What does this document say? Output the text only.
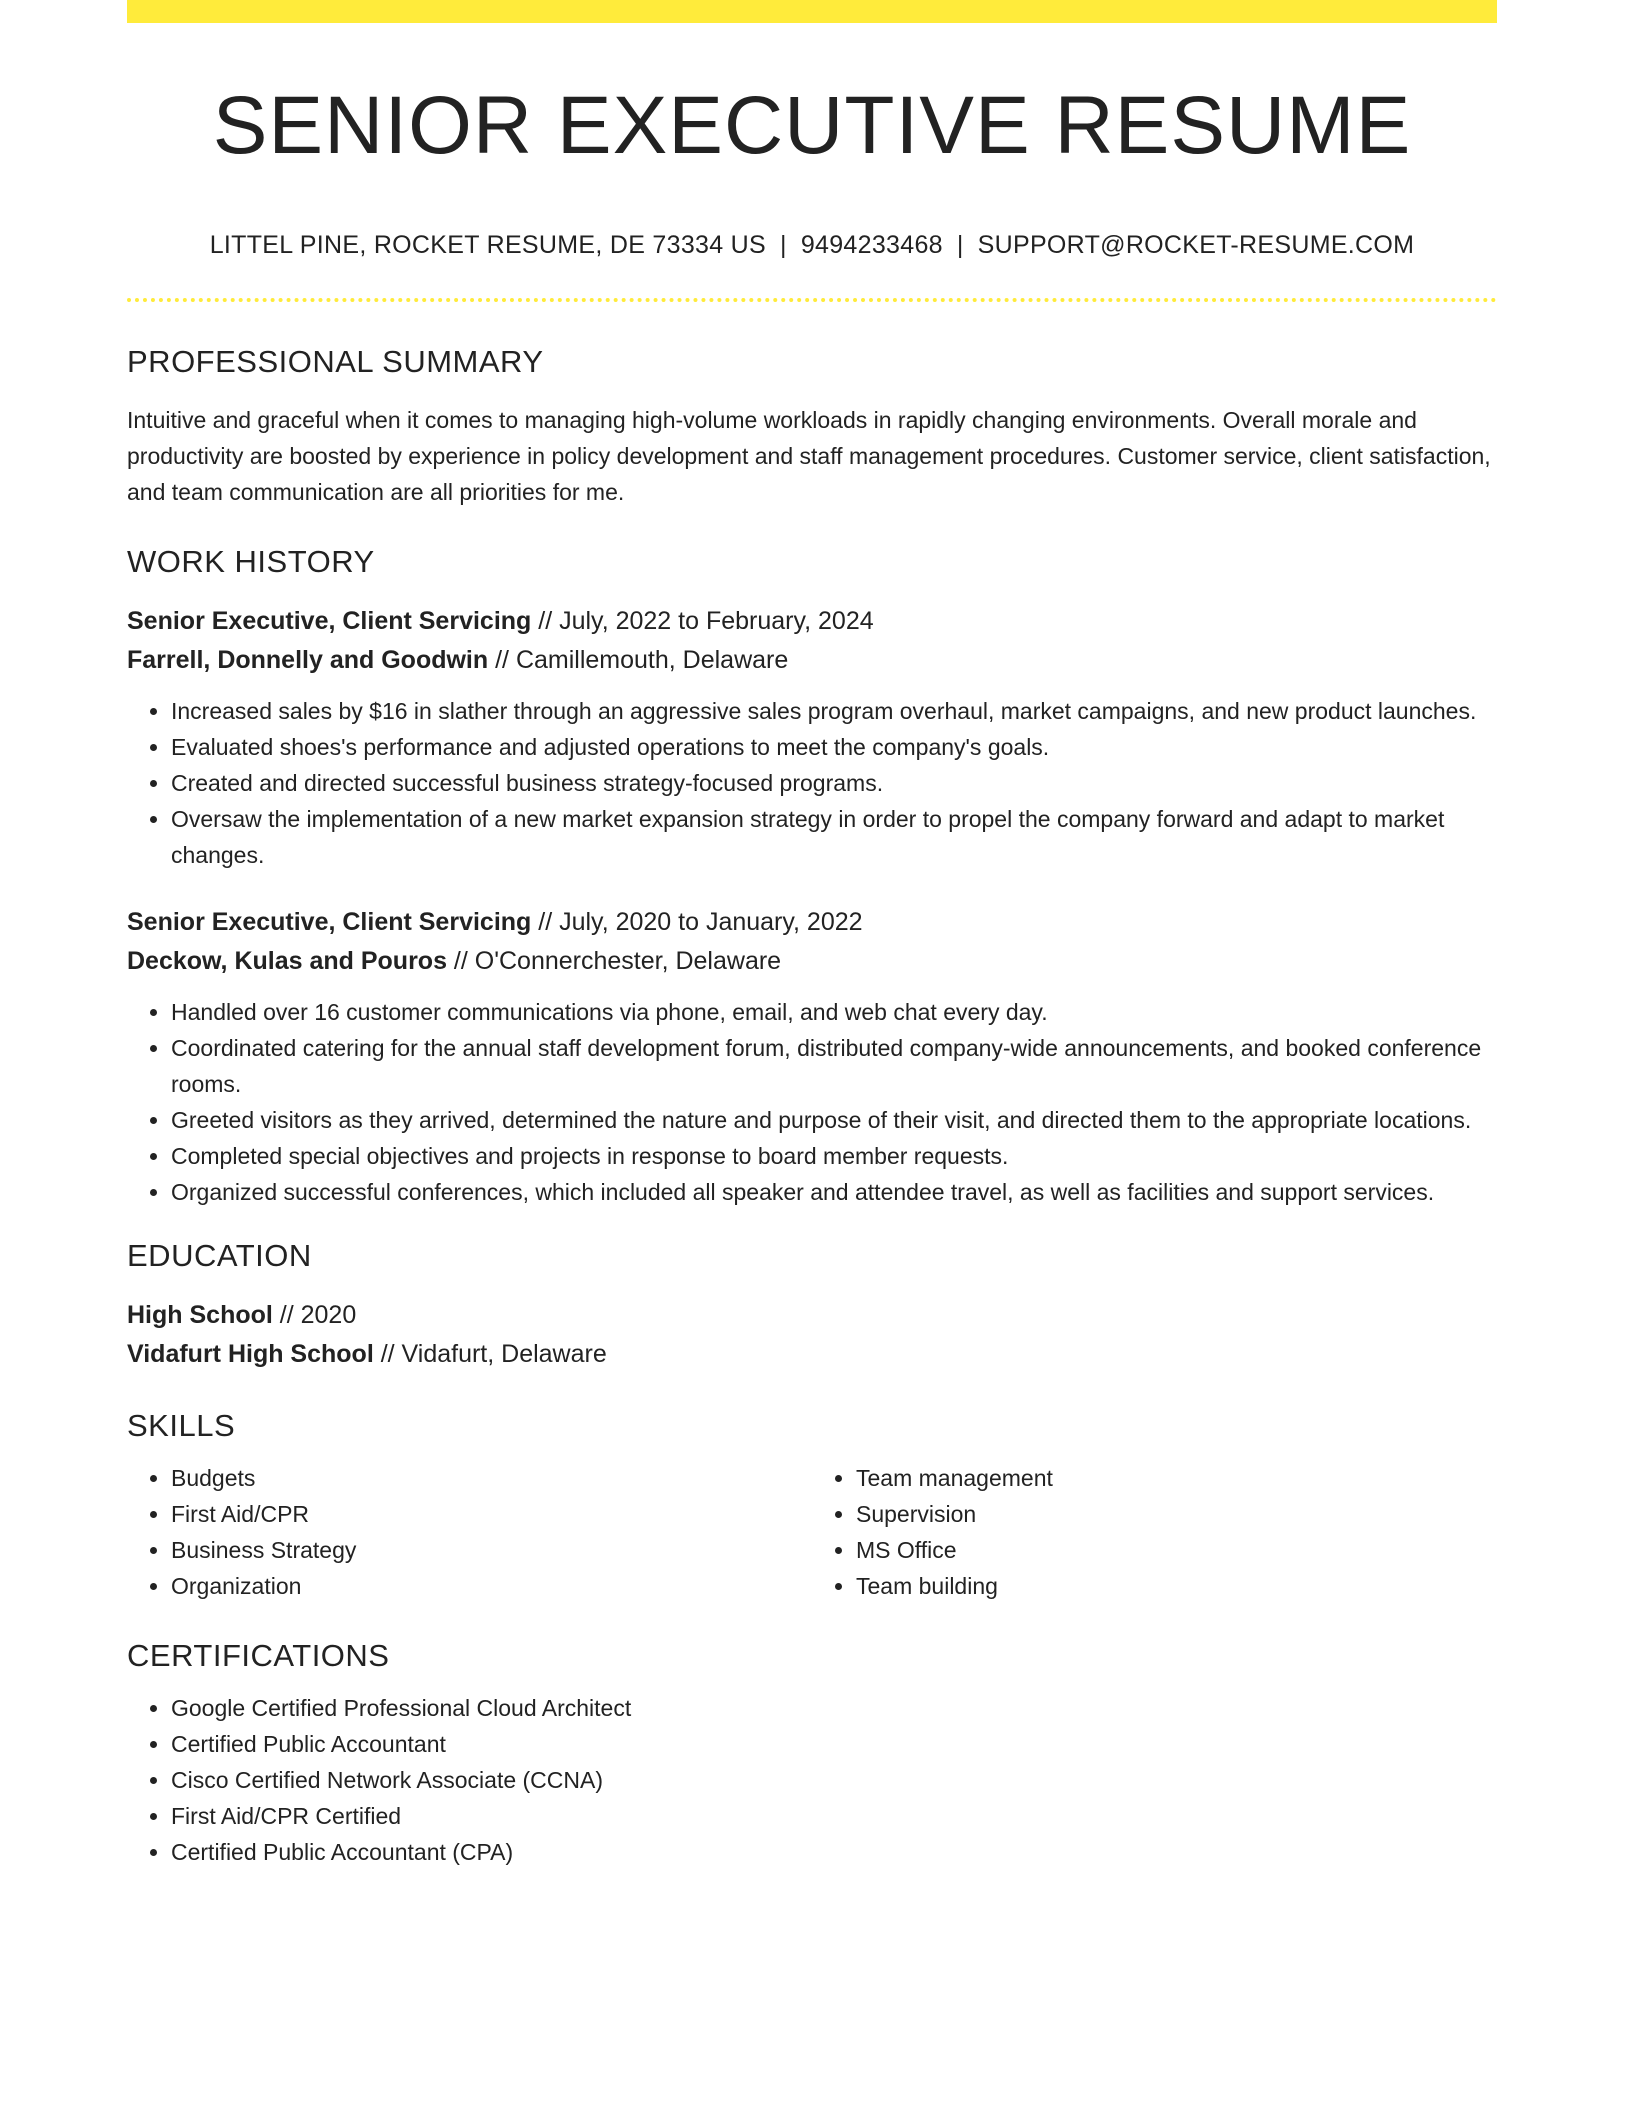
SENIOR EXECUTIVE RESUME
LITTEL PINE, ROCKET RESUME, DE 73334 US | 9494233468 | SUPPORT@ROCKET-RESUME.COM
PROFESSIONAL SUMMARY
Intuitive and graceful when it comes to managing high-volume workloads in rapidly changing environments. Overall morale and productivity are boosted by experience in policy development and staff management procedures. Customer service, client satisfaction, and team communication are all priorities for me.
WORK HISTORY
Senior Executive, Client Servicing // July, 2022 to February, 2024
Farrell, Donnelly and Goodwin // Camillemouth, Delaware
• Increased sales by $16 in slather through an aggressive sales program overhaul, market campaigns, and new product launches.
• Evaluated shoes's performance and adjusted operations to meet the company's goals.
• Created and directed successful business strategy-focused programs.
• Oversaw the implementation of a new market expansion strategy in order to propel the company forward and adapt to market changes.
Senior Executive, Client Servicing // July, 2020 to January, 2022
Deckow, Kulas and Pouros // O'Connerchester, Delaware
• Handled over 16 customer communications via phone, email, and web chat every day.
• Coordinated catering for the annual staff development forum, distributed company-wide announcements, and booked conference rooms.
• Greeted visitors as they arrived, determined the nature and purpose of their visit, and directed them to the appropriate locations.
• Completed special objectives and projects in response to board member requests.
• Organized successful conferences, which included all speaker and attendee travel, as well as facilities and support services.
EDUCATION
High School // 2020
Vidafurt High School // Vidafurt, Delaware
SKILLS
• Budgets
• First Aid/CPR
• Business Strategy
• Organization
• Team management
• Supervision
• MS Office
• Team building
CERTIFICATIONS
• Google Certified Professional Cloud Architect
• Certified Public Accountant
• Cisco Certified Network Associate (CCNA)
• First Aid/CPR Certified
• Certified Public Accountant (CPA)
